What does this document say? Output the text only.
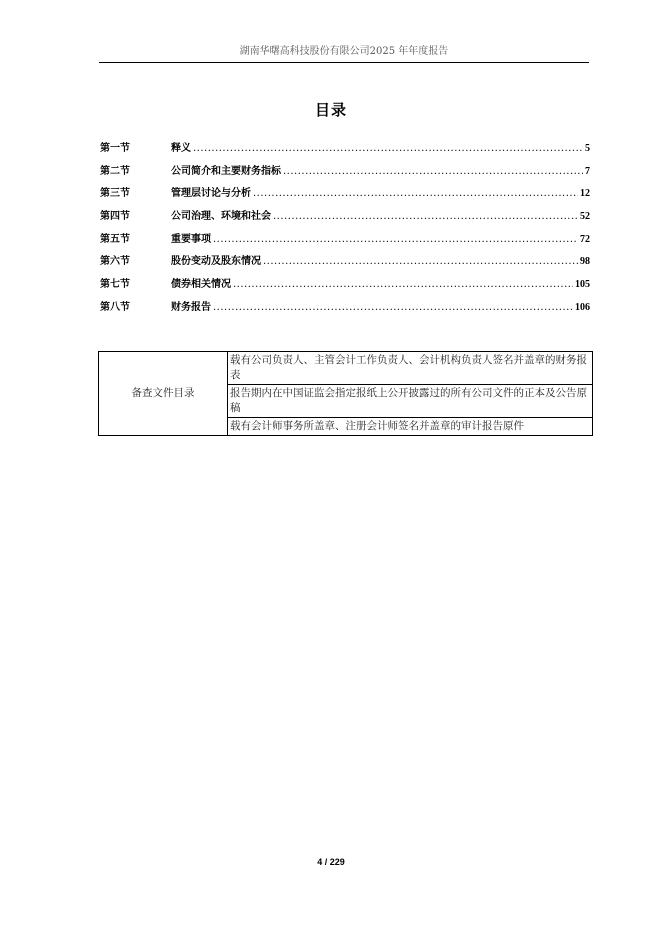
湖南华曙高科技股份有限公司2025 年年度报告
目录
第一节	释义 .....	5
第二节	公司简介和主要财务指标 .....	7
第三节	管理层讨论与分析 .....	12
第四节	公司治理、环境和社会 .....	52
第五节	重要事项 .....	72
第六节	股份变动及股东情况 .....	98
第七节	债券相关情况 .....	105
第八节	财务报告 .....	106
备查文件目录	载有公司负责人、主管会计工作负责人、会计机构负责人签名并盖章的财务报表
报告期内在中国证监会指定报纸上公开披露过的所有公司文件的正本及公告原稿
载有会计师事务所盖章、注册会计师签名并盖章的审计报告原件
4 / 229
